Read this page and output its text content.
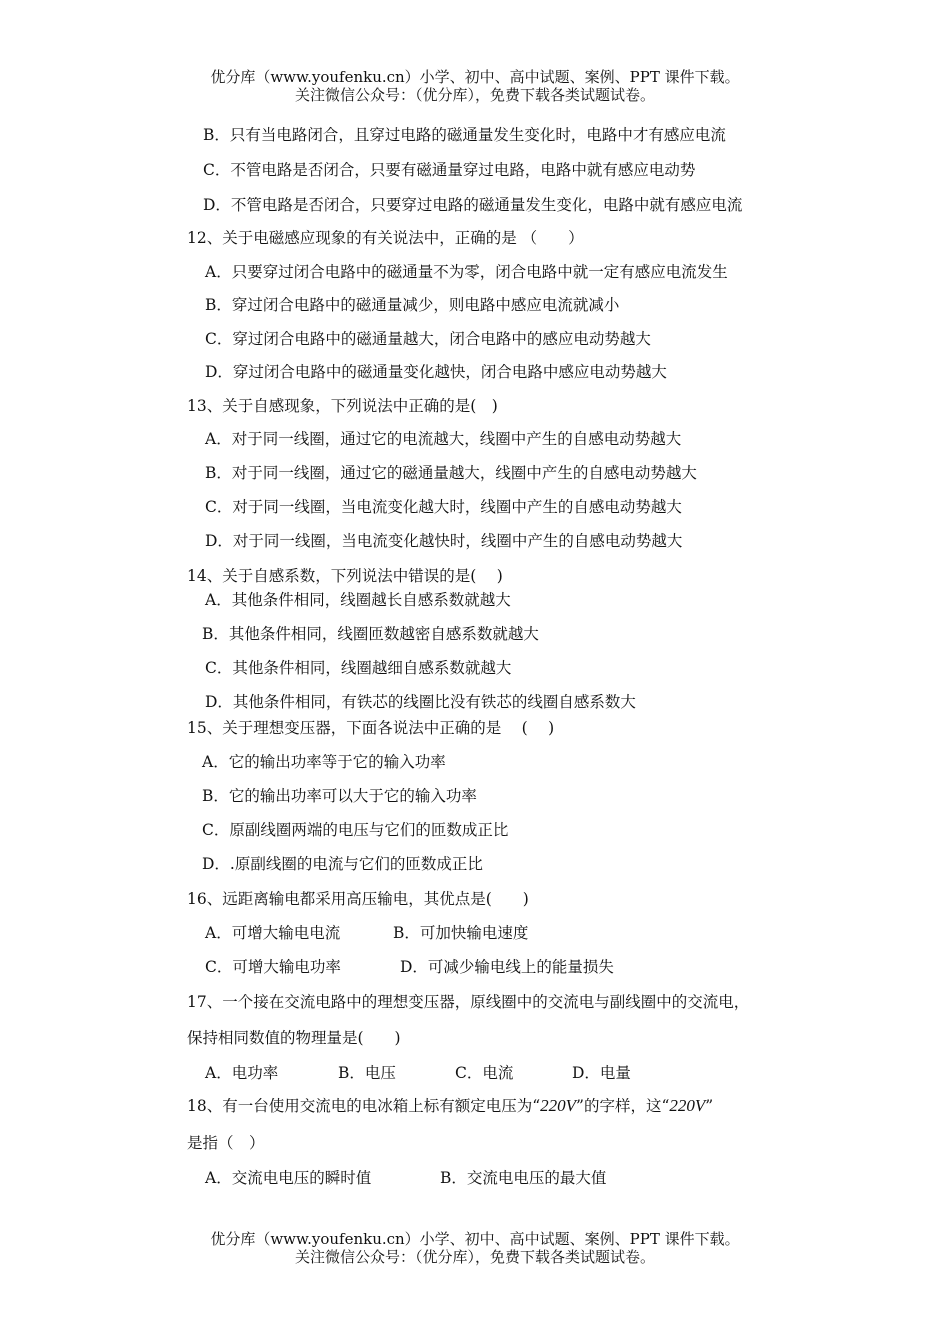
优分库（www.youfenku.cn）小学、初中、高中试题、案例、PPT 课件下载。
关注微信公众号：（优分库），免费下载各类试题试卷。
B．只有当电路闭合，且穿过电路的磁通量发生变化时，电路中才有感应电流
C．不管电路是否闭合，只要有磁通量穿过电路，电路中就有感应电动势
D．不管电路是否闭合，只要穿过电路的磁通量发生变化，电路中就有感应电流
12、关于电磁感应现象的有关说法中，正确的是 （　　）
A．只要穿过闭合电路中的磁通量不为零，闭合电路中就一定有感应电流发生
B．穿过闭合电路中的磁通量减少，则电路中感应电流就减小
C．穿过闭合电路中的磁通量越大，闭合电路中的感应电动势越大
D．穿过闭合电路中的磁通量变化越快，闭合电路中感应电动势越大
13、关于自感现象，下列说法中正确的是(　)
A．对于同一线圈，通过它的电流越大，线圈中产生的自感电动势越大
B．对于同一线圈，通过它的磁通量越大，线圈中产生的自感电动势越大
C．对于同一线圈，当电流变化越大时，线圈中产生的自感电动势越大
D．对于同一线圈，当电流变化越快时，线圈中产生的自感电动势越大
14、关于自感系数，下列说法中错误的是(　 )
A．其他条件相同，线圈越长自感系数就越大
B．其他条件相同，线圈匝数越密自感系数就越大
C．其他条件相同，线圈越细自感系数就越大
D．其他条件相同，有铁芯的线圈比没有铁芯的线圈自感系数大
15、关于理想变压器，下面各说法中正确的是　 (　 )
A．它的输出功率等于它的输入功率
B．它的输出功率可以大于它的输入功率
C．原副线圈两端的电压与它们的匝数成正比
D．.原副线圈的电流与它们的匝数成正比
16、远距离输电都采用高压输电，其优点是(　　)
A．可增大输电电流	B．可加快输电速度
C．可增大输电功率	D．可减少输电线上的能量损失
17、一个接在交流电路中的理想变压器，原线圈中的交流电与副线圈中的交流电，
保持相同数值的物理量是(　　)
A．电功率	B．电压	C．电流	D．电量
18、有一台使用交流电的电冰箱上标有额定电压为“220V”的字样，这“220V”
是指（　）
A．交流电电压的瞬时值	B．交流电电压的最大值
优分库（www.youfenku.cn）小学、初中、高中试题、案例、PPT 课件下载。
关注微信公众号：（优分库），免费下载各类试题试卷。
